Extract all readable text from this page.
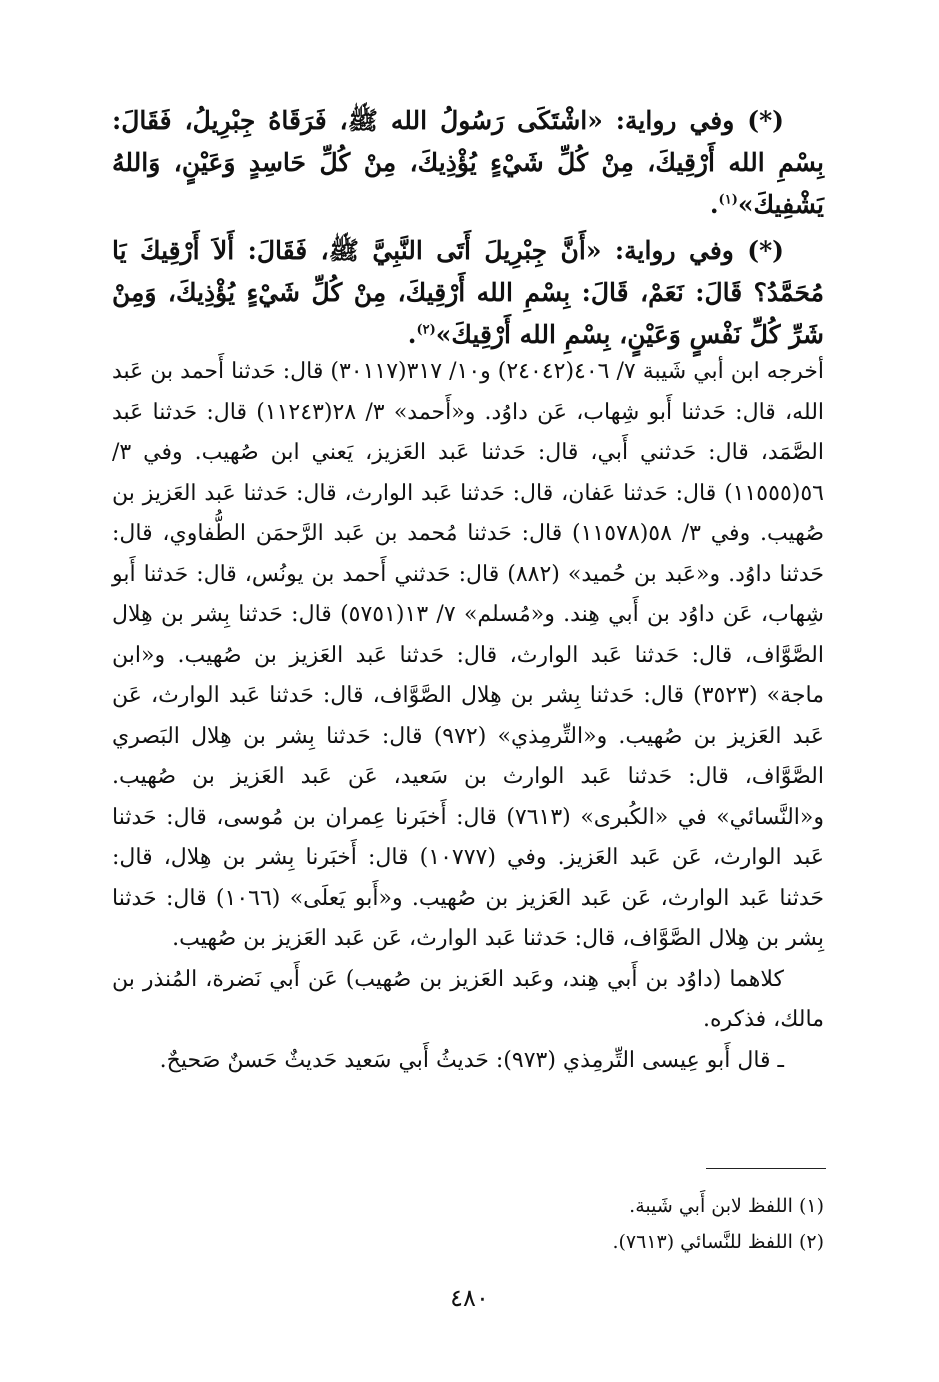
(*) وفي رواية: «اشْتَكَى رَسُولُ الله ﷺ، فَرَقَاهُ جِبْرِيلُ، فَقَالَ: بِسْمِ الله أَرْقِيكَ، مِنْ كُلِّ شَيْءٍ يُؤْذِيكَ، مِنْ كُلِّ حَاسِدٍ وَعَيْنٍ، وَاللهُ يَشْفِيكَ»$^{(١)}$.

(*) وفي رواية: «أَنَّ جِبْرِيلَ أَتَى النَّبِيَّ ﷺ، فَقَالَ: أَلاَ أَرْقِيكَ يَا مُحَمَّدُ؟ قَالَ: نَعَمْ، قَالَ: بِسْمِ الله أَرْقِيكَ، مِنْ كُلِّ شَيْءٍ يُؤْذِيكَ، وَمِنْ شَرِّ كُلِّ نَفْسٍ وَعَيْنٍ، بِسْمِ الله أَرْقِيكَ»$^{(٢)}$.

أخرجه ابن أبي شَيبة ٧/ ٤٠٦(٢٤٠٤٢) و١٠/ ٣١٧(٣٠١١٧) قال: حَدثنا أَحمد بن عَبد الله، قال: حَدثنا أَبو شِهاب، عَن داوُد. و«أَحمد» ٣/ ٢٨(١١٢٤٣) قال: حَدثنا عَبد الصَّمَد، قال: حَدثني أَبي، قال: حَدثنا عَبد العَزيز، يَعني ابن صُهيب. وفي ٣/ ٥٦(١١٥٥٥) قال: حَدثنا عَفان، قال: حَدثنا عَبد الوارث، قال: حَدثنا عَبد العَزيز بن صُهيب. وفي ٣/ ٥٨(١١٥٧٨) قال: حَدثنا مُحمد بن عَبد الرَّحمَن الطُّفاوي، قال: حَدثنا داوُد. و«عَبد بن حُميد» (٨٨٢) قال: حَدثني أَحمد بن يونُس، قال: حَدثنا أَبو شِهاب، عَن داوُد بن أَبي هِند. و«مُسلم» ٧/ ١٣(٥٧٥١) قال: حَدثنا بِشر بن هِلال الصَّوَّاف، قال: حَدثنا عَبد الوارث، قال: حَدثنا عَبد العَزيز بن صُهيب. و«ابن ماجة» (٣٥٢٣) قال: حَدثنا بِشر بن هِلال الصَّوَّاف، قال: حَدثنا عَبد الوارث، عَن عَبد العَزيز بن صُهيب. و«التِّرمِذي» (٩٧٢) قال: حَدثنا بِشر بن هِلال البَصري الصَّوَّاف، قال: حَدثنا عَبد الوارث بن سَعيد، عَن عَبد العَزيز بن صُهيب. و«النَّسائي» في «الكُبرى» (٧٦١٣) قال: أَخبَرنا عِمران بن مُوسى، قال: حَدثنا عَبد الوارث، عَن عَبد العَزيز. وفي (١٠٧٧٧) قال: أَخبَرنا بِشر بن هِلال، قال: حَدثنا عَبد الوارث، عَن عَبد العَزيز بن صُهيب. و«أَبو يَعلَى» (١٠٦٦) قال: حَدثنا بِشر بن هِلال الصَّوَّاف، قال: حَدثنا عَبد الوارث، عَن عَبد العَزيز بن صُهيب.

كلاهما (داوُد بن أَبي هِند، وعَبد العَزيز بن صُهيب) عَن أَبي نَضرة، المُنذر بن مالك، فذكره.

ـ قال أَبو عِيسى التِّرمِذي (٩٧٣): حَديثُ أَبي سَعيد حَديثٌ حَسنٌ صَحيحٌ.

(١) اللفظ لابن أَبي شَيبة.

(٢) اللفظ للنَّسائي (٧٦١٣).

٤٨٠
